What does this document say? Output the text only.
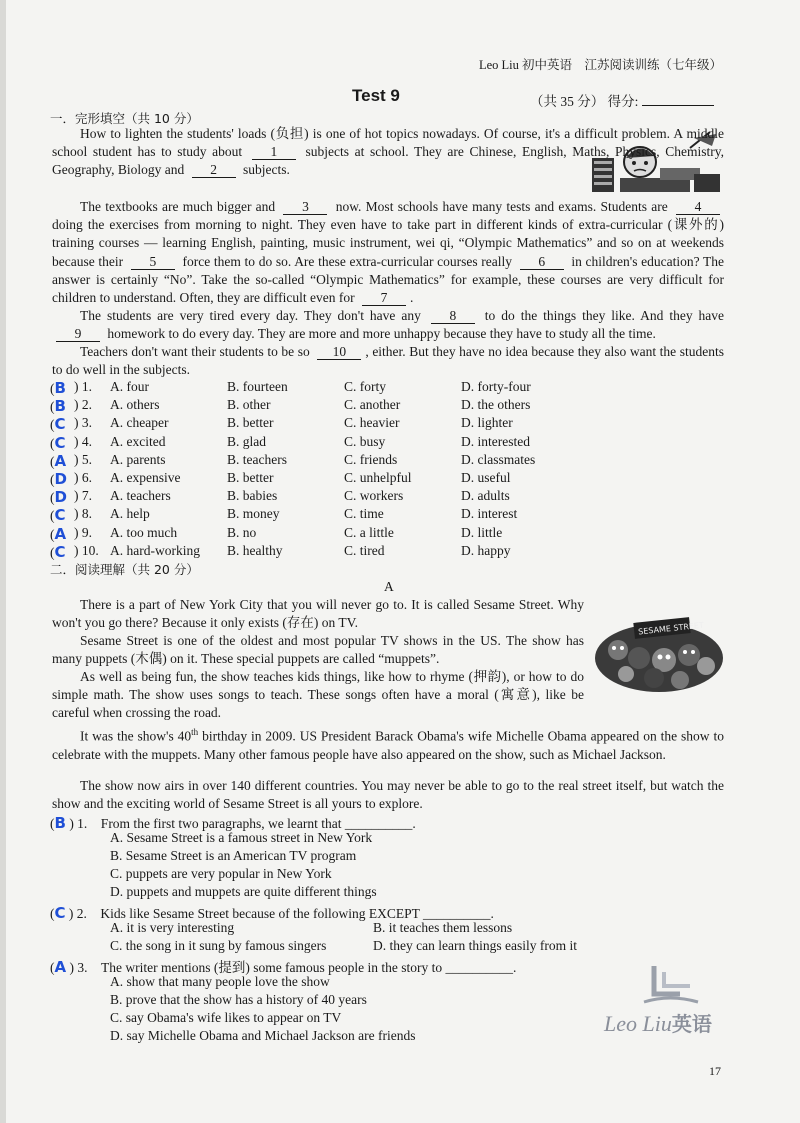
Leo Liu 初中英语　江苏阅读训练（七年级）
Test 9	（共 35 分） 得分:
一．完形填空（共 10 分）

How to lighten the students' loads (负担) is one of hot topics nowadays. Of course, it's a difficult problem. A middle school student has to study about 1 subjects at school. They are Chinese, English, Maths, Physics, Chemistry, Geography, Biology and 2 subjects.

The textbooks are much bigger and 3 now. Most schools have many tests and exams. Students are 4 doing the exercises from morning to night. They even have to take part in different kinds of extra-curricular (课外的) training courses — learning English, painting, music instrument, wei qi, “Olympic Mathematics” and so on at weekends because their 5 force them to do so. Are these extra-curricular courses really 6 in children's education? The answer is certainly “No”. Take the so-called “Olympic Mathematics” for example, these courses are very difficult for children to understand. Often, they are difficult even for 7 .

The students are very tired every day. They don't have any 8 to do the things they like. And they have 9 homework to do every day. They are more and more unhappy because they have to study all the time.

Teachers don't want their students to be so 10 , either. But they have no idea because they also want the students to do well in the subjects.

(B ) 1. A. four	B. fourteen	C. forty	D. forty-four
(B ) 2. A. others	B. other	C. another	D. the others
(C ) 3. A. cheaper	B. better	C. heavier	D. lighter
(C ) 4. A. excited	B. glad	C. busy	D. interested
(A ) 5. A. parents	B. teachers	C. friends	D. classmates
(D ) 6. A. expensive	B. better	C. unhelpful	D. useful
(D ) 7. A. teachers	B. babies	C. workers	D. adults
(C ) 8. A. help	B. money	C. time	D. interest
(A ) 9. A. too much	B. no	C. a little	D. little
(C ) 10. A. hard-working B. healthy	C. tired	D. happy
二．阅读理解（共 20 分）
A
SESAME STREET

There is a part of New York City that you will never go to. It is called Sesame Street. Why won't you go there? Because it only exists (存在) on TV.

Sesame Street is one of the oldest and most popular TV shows in the US. The show has many puppets (木偶) on it. These special puppets are called “muppets”.

As well as being fun, the show teaches kids things, like how to rhyme (押韵), or how to do simple math. The show uses songs to teach. These songs often have a moral (寓意), like be careful when crossing the road.

It was the show's 40th birthday in 2009. US President Barack Obama's wife Michelle Obama appeared on the show to celebrate with the muppets. Many other famous people have also appeared on the show, such as Michael Jackson.

The show now airs in over 140 different countries. You may never be able to go to the real street itself, but watch the show and the exciting world of Sesame Street is all yours to explore.

(B ) 1.　From the first two paragraphs, we learnt that __________.
A. Sesame Street is a famous street in New York
B. Sesame Street is an American TV program
C. puppets are very popular in New York
D. puppets and muppets are quite different things
(C ) 2.　Kids like Sesame Street because of the following EXCEPT __________.
A. it is very interesting	B. it teaches them lessons
C. the song in it sung by famous singers	D. they can learn things easily from it
(A ) 3.　The writer mentions (提到) some famous people in the story to __________.
A. show that many people love the show
B. prove that the show has a history of 40 years
C. say Obama's wife likes to appear on TV
D. say Michelle Obama and Michael Jackson are friends	Leo Liu英语
17
